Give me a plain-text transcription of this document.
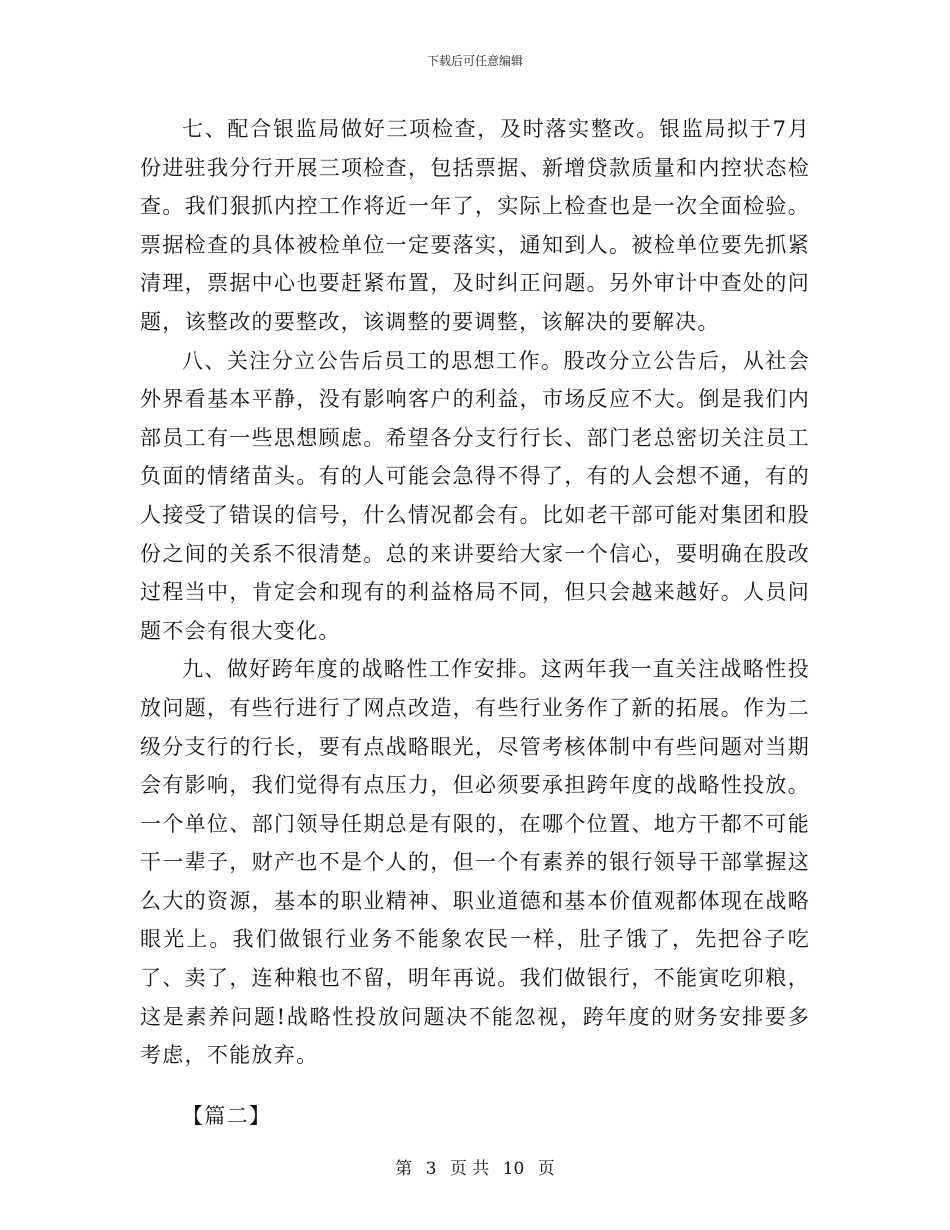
下载后可任意编辑

七、配合银监局做好三项检查，及时落实整改。银监局拟于7月份进驻我分行开展三项检查，包括票据、新增贷款质量和内控状态检查。我们狠抓内控工作将近一年了，实际上检查也是一次全面检验。票据检查的具体被检单位一定要落实，通知到人。被检单位要先抓紧清理，票据中心也要赶紧布置，及时纠正问题。另外审计中查处的问题，该整改的要整改，该调整的要调整，该解决的要解决。

八、关注分立公告后员工的思想工作。股改分立公告后，从社会外界看基本平静，没有影响客户的利益，市场反应不大。倒是我们内部员工有一些思想顾虑。希望各分支行行长、部门老总密切关注员工负面的情绪苗头。有的人可能会急得不得了，有的人会想不通，有的人接受了错误的信号，什么情况都会有。比如老干部可能对集团和股份之间的关系不很清楚。总的来讲要给大家一个信心，要明确在股改过程当中，肯定会和现有的利益格局不同，但只会越来越好。人员问题不会有很大变化。

九、做好跨年度的战略性工作安排。这两年我一直关注战略性投放问题，有些行进行了网点改造，有些行业务作了新的拓展。作为二级分支行的行长，要有点战略眼光，尽管考核体制中有些问题对当期会有影响，我们觉得有点压力，但必须要承担跨年度的战略性投放。一个单位、部门领导任期总是有限的，在哪个位置、地方干都不可能干一辈子，财产也不是个人的，但一个有素养的银行领导干部掌握这么大的资源，基本的职业精神、职业道德和基本价值观都体现在战略眼光上。我们做银行业务不能象农民一样，肚子饿了，先把谷子吃了、卖了，连种粮也不留，明年再说。我们做银行，不能寅吃卯粮，这是素养问题!战略性投放问题决不能忽视，跨年度的财务安排要多考虑，不能放弃。

【篇二】

第 3 页 共 10 页
